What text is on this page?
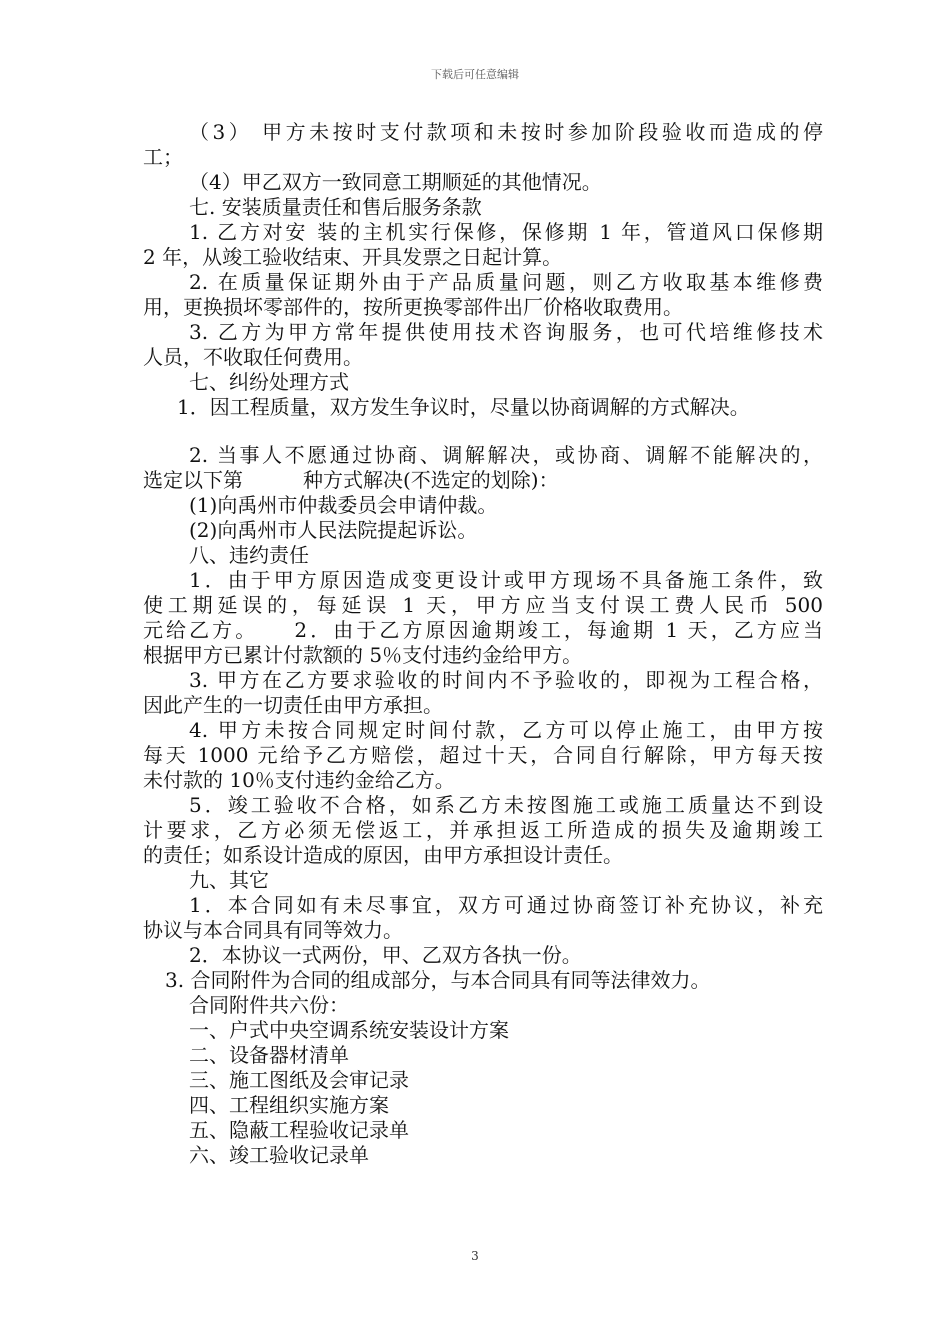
下载后可任意编辑

（3） 甲方未按时支付款项和未按时参加阶段验收而造成的停

工；

（4）甲乙双方一致同意工期顺延的其他情况。

七. 安装质量责任和售后服务条款

1. 乙方对安 装的主机实行保修，保修期 1 年，管道风口保修期

2 年，从竣工验收结束、开具发票之日起计算。

2. 在质量保证期外由于产品质量问题，则乙方收取基本维修费

用，更换损坏零部件的，按所更换零部件出厂价格收取费用。

3. 乙方为甲方常年提供使用技术咨询服务，也可代培维修技术

人员，不收取任何费用。

七、纠纷处理方式

1．因工程质量，双方发生争议时，尽量以协商调解的方式解决。

2. 当事人不愿通过协商、调解解决，或协商、调解不能解决的，

选定以下第　　　种方式解决(不选定的划除)：

(1)向禹州市仲裁委员会申请仲裁。

(2)向禹州市人民法院提起诉讼。

八、违约责任

1．由于甲方原因造成变更设计或甲方现场不具备施工条件，致

使工期延误的，每延误 1 天，甲方应当支付误工费人民币 500

元给乙方。　　2．由于乙方原因逾期竣工，每逾期 1 天，乙方应当

根据甲方已累计付款额的 5％支付违约金给甲方。

3. 甲方在乙方要求验收的时间内不予验收的，即视为工程合格，

因此产生的一切责任由甲方承担。

4. 甲方未按合同规定时间付款，乙方可以停止施工，由甲方按

每天 1000 元给予乙方赔偿，超过十天，合同自行解除，甲方每天按

未付款的 10％支付违约金给乙方。

5．竣工验收不合格，如系乙方未按图施工或施工质量达不到设

计要求，乙方必须无偿返工，并承担返工所造成的损失及逾期竣工

的责任；如系设计造成的原因，由甲方承担设计责任。

九、其它

1．本合同如有未尽事宜，双方可通过协商签订补充协议，补充

协议与本合同具有同等效力。

2．本协议一式两份，甲、乙双方各执一份。

3. 合同附件为合同的组成部分，与本合同具有同等法律效力。

合同附件共六份：

一、户式中央空调系统安装设计方案

二、设备器材清单

三、施工图纸及会审记录

四、工程组织实施方案

五、隐蔽工程验收记录单

六、竣工验收记录单

3
